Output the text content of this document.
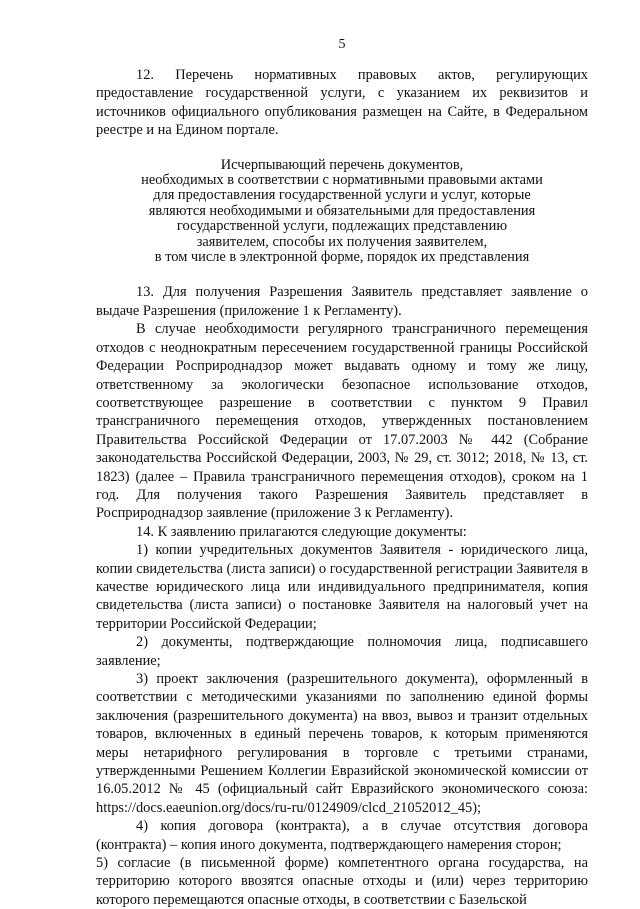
5

12. Перечень нормативных правовых актов, регулирующих предоставление государственной услуги, с указанием их реквизитов и источников официального опубликования размещен на Сайте, в Федеральном реестре и на Едином портале.

Исчерпывающий перечень документов,
необходимых в соответствии с нормативными правовыми актами
для предоставления государственной услуги и услуг, которые
являются необходимыми и обязательными для предоставления
государственной услуги, подлежащих представлению
заявителем, способы их получения заявителем,
в том числе в электронной форме, порядок их представления

13. Для получения Разрешения Заявитель представляет заявление о выдаче Разрешения (приложение 1 к Регламенту).

В случае необходимости регулярного трансграничного перемещения отходов с неоднократным пересечением государственной границы Российской Федерации Росприроднадзор может выдавать одному и тому же лицу, ответственному за экологически безопасное использование отходов, соответствующее разрешение в соответствии с пунктом 9 Правил трансграничного перемещения отходов, утвержденных постановлением Правительства Российской Федерации от 17.07.2003 № 442 (Собрание законодательства Российской Федерации, 2003, № 29, ст. 3012; 2018, № 13, ст. 1823) (далее – Правила трансграничного перемещения отходов), сроком на 1 год. Для получения такого Разрешения Заявитель представляет в Росприроднадзор заявление (приложение 3 к Регламенту).

14. К заявлению прилагаются следующие документы:

1) копии учредительных документов Заявителя - юридического лица, копии свидетельства (листа записи) о государственной регистрации Заявителя в качестве юридического лица или индивидуального предпринимателя, копия свидетельства (листа записи) о постановке Заявителя на налоговый учет на территории Российской Федерации;

2) документы, подтверждающие полномочия лица, подписавшего заявление;

3) проект заключения (разрешительного документа), оформленный в соответствии с методическими указаниями по заполнению единой формы заключения (разрешительного документа) на ввоз, вывоз и транзит отдельных товаров, включенных в единый перечень товаров, к которым применяются меры нетарифного регулирования в торговле с третьими странами, утвержденными Решением Коллегии Евразийской экономической комиссии от 16.05.2012 № 45 (официальный сайт Евразийского экономического союза: https://docs.eaeunion.org/docs/ru-ru/0124909/clcd_21052012_45);

4) копия договора (контракта), а в случае отсутствия договора (контракта) – копия иного документа, подтверждающего намерения сторон;

5) согласие (в письменной форме) компетентного органа государства, на территорию которого ввозятся опасные отходы и (или) через территорию которого перемещаются опасные отходы, в соответствии с Базельской
